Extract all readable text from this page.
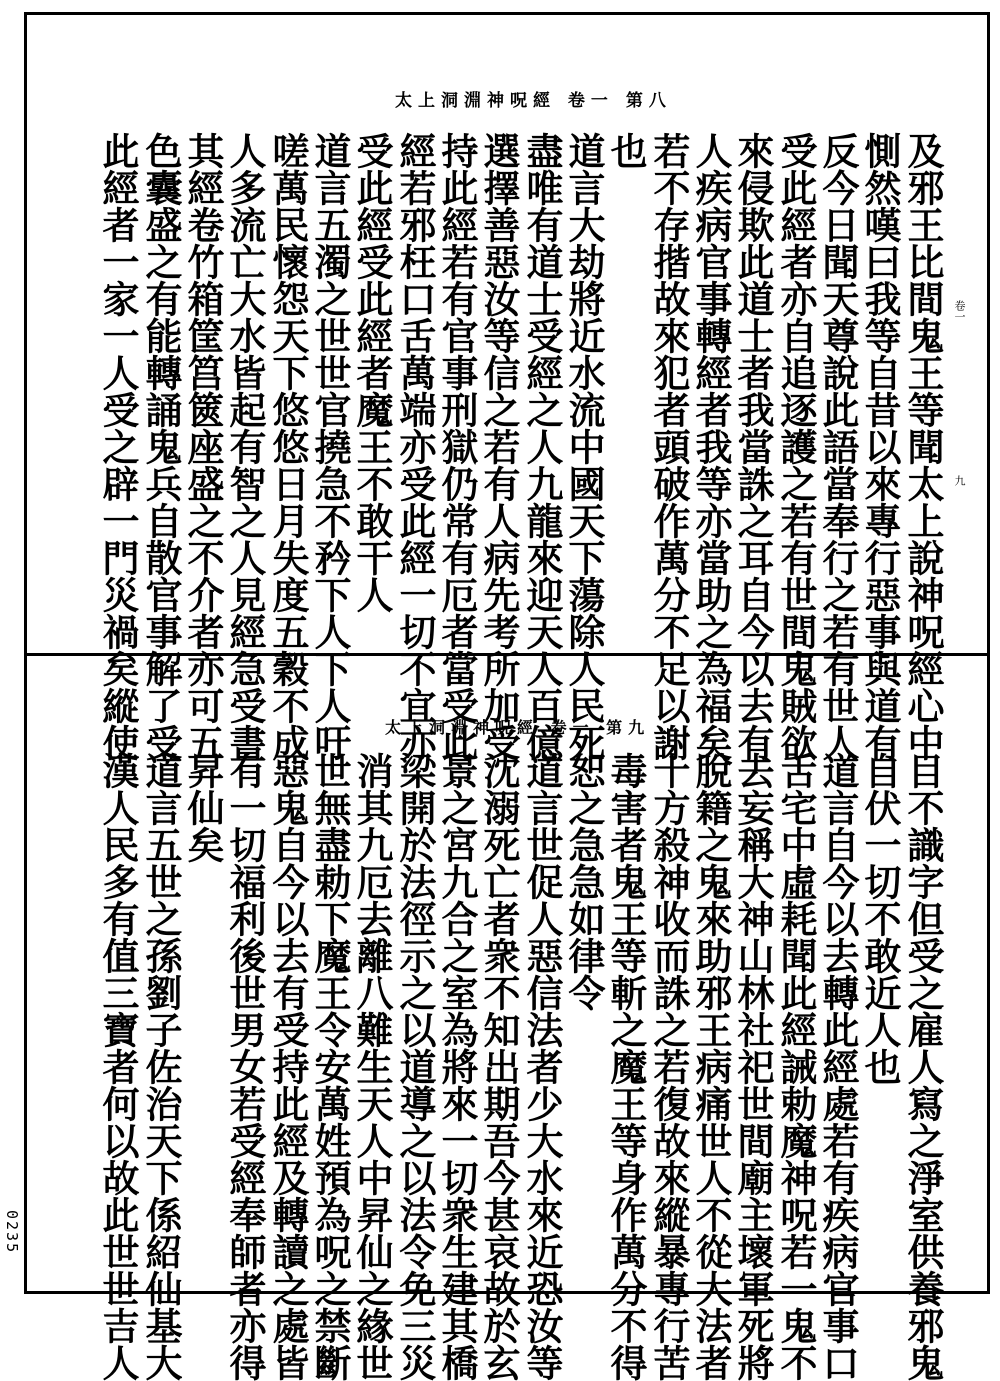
太上洞淵神呪經 卷一 第八
卷一
九
及邪王比間鬼王等聞太上說神呪經心中
惻然嘆曰我等自昔以來專行惡事與道有
反今日聞天尊說此語當奉行之若有世人
受此經者亦自追逐護之若有世間鬼賊欲
來侵欺此道士者我當誅之耳自今以去有
人疾病官事轉經者我等亦當助之為福矣
若不存揩故來犯者頭破作萬分不足以謝
也
道言大劫將近水流中國天下蕩除人民死
盡唯有道士受經之人九龍來迎天人百億
選擇善惡汝等信之若有人病先考所加受
持此經若有官事刑獄仍常有厄者當受此
經若邪枉口舌萬端亦受此經一切不宜亦
受此經受此經者魔王不敢干人
道言五濁之世世官撓急不矜下人下人吁
嗟萬民懷怨天下悠悠日月失度五穀不成
人多流亡大水皆起有智之人見經急受書
其經卷竹箱筐筥篋座盛之不介者亦可五
色囊盛之有能轉誦鬼兵自散官事解了受
此經者一家一人受之辟一門災禍矣縱使	太上洞淵神呪經 卷一 第九
目不識字但受之雇人寫之淨室供養邪鬼
自伏一切不敢近人也
道言自今以去轉此經處若有疾病官事口
舌宅中虛耗聞此經誡勅魔神呪若一鬼不
去妄稱大神山林社祀世間廟主壞軍死將
脫籍之鬼來助邪王病痛世人不從大法者
十方殺神收而誅之若復故來縱暴專行苦
毒害者鬼王等斬之魔王等身作萬分不得
恕之急急如律令
道言世促人惡信法者少大水來近恐汝等
沈溺死亡者衆不知出期吾今甚哀故於玄
景之宮九合之室為將來一切衆生建其橋
梁開於法徑示之以道導之以法令免三災
消其九厄去離八難生天人中昇仙之緣世
世無盡勅下魔王令安萬姓預為呪之禁斷
惡鬼自今以去有受持此經及轉讀之處皆
有一切福利後世男女若受經奉師者亦得
昇仙矣
道言五世之孫劉子佐治天下係紹仙基大
漢人民多有值三寶者何以故此世世吉人
0235
